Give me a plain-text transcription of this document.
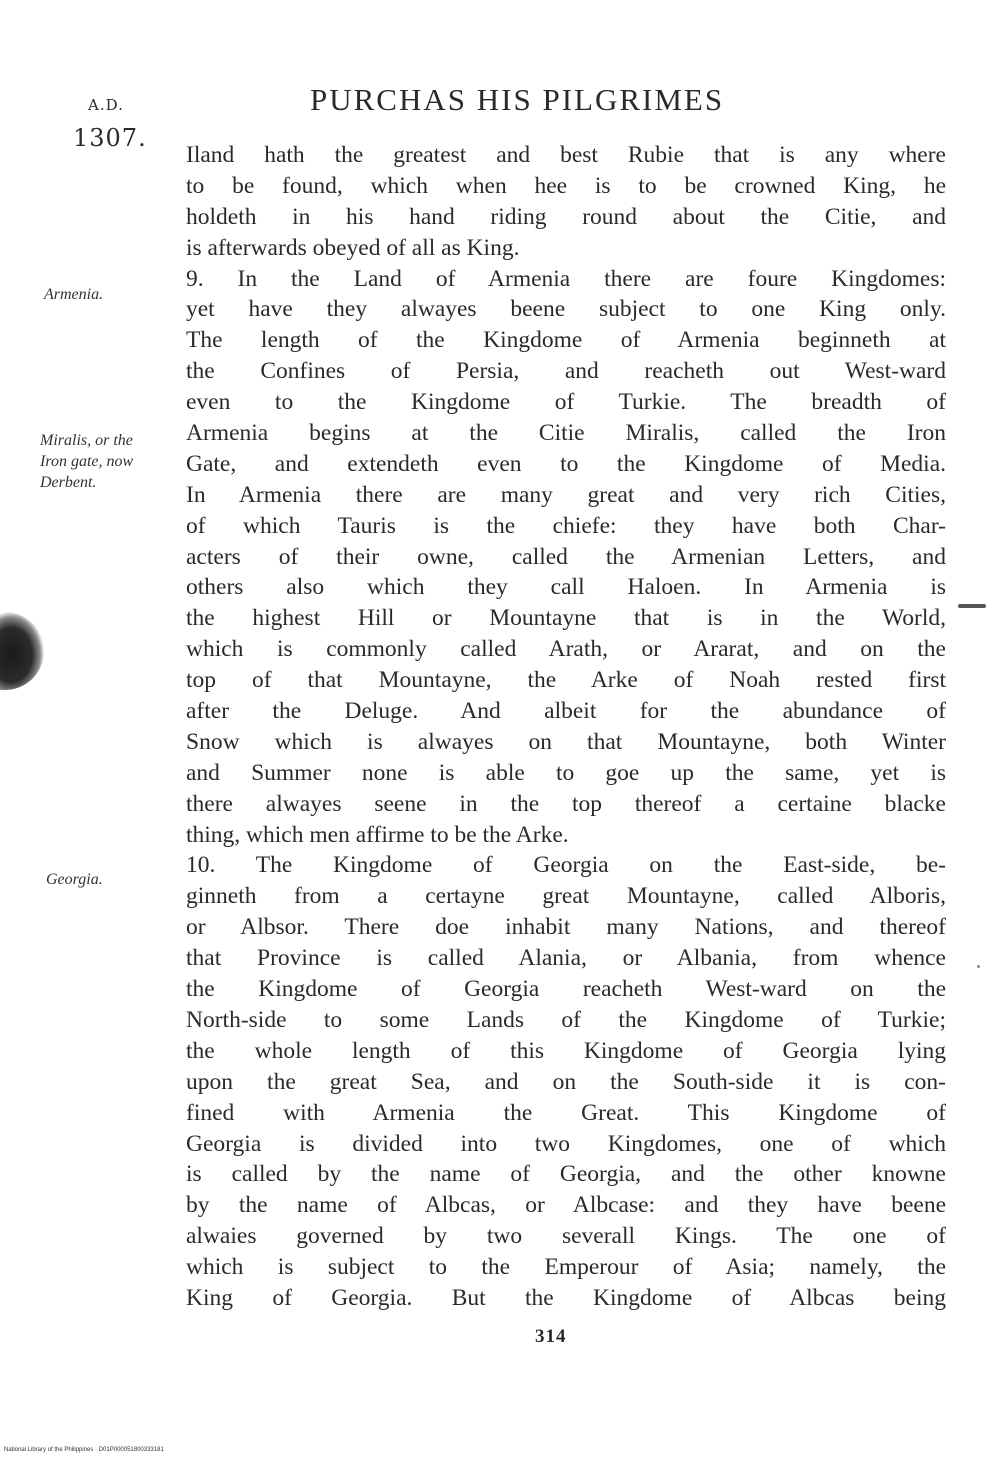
A.D.
1307.
PURCHAS HIS PILGRIMES
Armenia.
Miralis, or the
Iron gate, now
Derbent.
Georgia.
Iland hath the greatest and best Rubie that is any where
to be found, which when hee is to be crowned King, he
holdeth in his hand riding round about the Citie, and
is afterwards obeyed of all as King.
9. In the Land of Armenia there are foure Kingdomes:
yet have they alwayes beene subject to one King only.
The length of the Kingdome of Armenia beginneth at
the Confines of Persia, and reacheth out West-ward
even to the Kingdome of Turkie. The breadth of
Armenia begins at the Citie Miralis, called the Iron
Gate, and extendeth even to the Kingdome of Media.
In Armenia there are many great and very rich Cities,
of which Tauris is the chiefe: they have both Char-
acters of their owne, called the Armenian Letters, and
others also which they call Haloen. In Armenia is
the highest Hill or Mountayne that is in the World,
which is commonly called Arath, or Ararat, and on the
top of that Mountayne, the Arke of Noah rested first
after the Deluge. And albeit for the abundance of
Snow which is alwayes on that Mountayne, both Winter
and Summer none is able to goe up the same, yet is
there alwayes seene in the top thereof a certaine blacke
thing, which men affirme to be the Arke.
10. The Kingdome of Georgia on the East-side, be-
ginneth from a certayne great Mountayne, called Alboris,
or Albsor. There doe inhabit many Nations, and thereof
that Province is called Alania, or Albania, from whence
the Kingdome of Georgia reacheth West-ward on the
North-side to some Lands of the Kingdome of Turkie;
the whole length of this Kingdome of Georgia lying
upon the great Sea, and on the South-side it is con-
fined with Armenia the Great. This Kingdome of
Georgia is divided into two Kingdomes, one of which
is called by the name of Georgia, and the other knowne
by the name of Albcas, or Albcase: and they have beene
alwaies governed by two severall Kings. The one of
which is subject to the Emperour of Asia; namely, the
King of Georgia. But the Kingdome of Albcas being
314
National Library of the Philippines · D01P000051800333181
